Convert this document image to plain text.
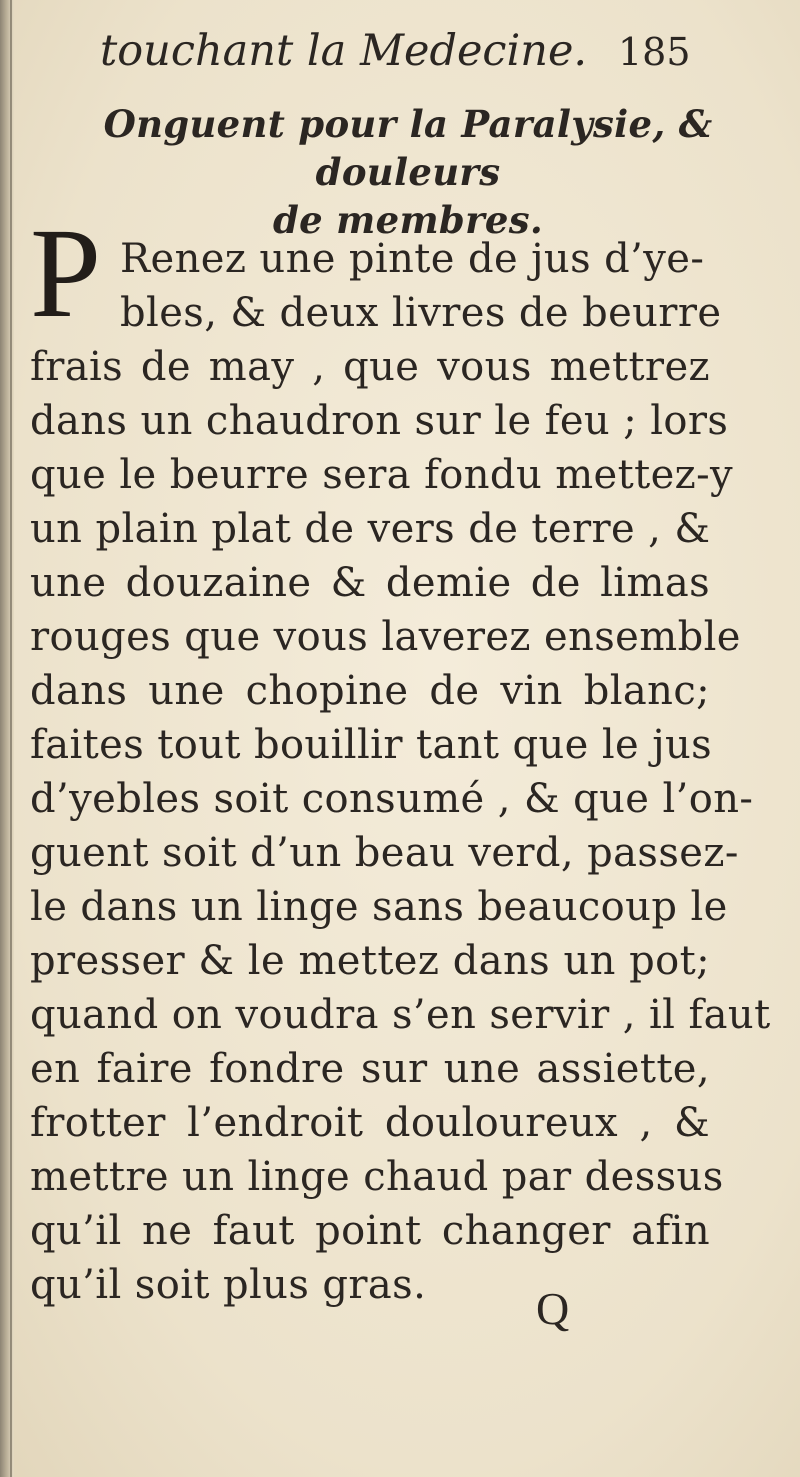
touchant la Medecine. 185
Onguent pour la Paralysie, & douleurs
de membres.
P Renez une pinte de jus d’ye-
bles, & deux livres de beurre
frais de may , que vous mettrez
dans un chaudron sur le feu ; lors
que le beurre sera fondu mettez-y
un plain plat de vers de terre , &
une douzaine & demie de limas
rouges que vous laverez ensemble
dans une chopine de vin blanc;
faites tout bouillir tant que le jus
d’yebles soit consumé , & que l’on-
guent soit d’un beau verd, passez-
le dans un linge sans beaucoup le
presser & le mettez dans un pot;
quand on voudra s’en servir , il faut
en faire fondre sur une assiette,
frotter l’endroit douloureux , &
mettre un linge chaud par dessus
qu’il ne faut point changer afin
qu’il soit plus gras.	Q
